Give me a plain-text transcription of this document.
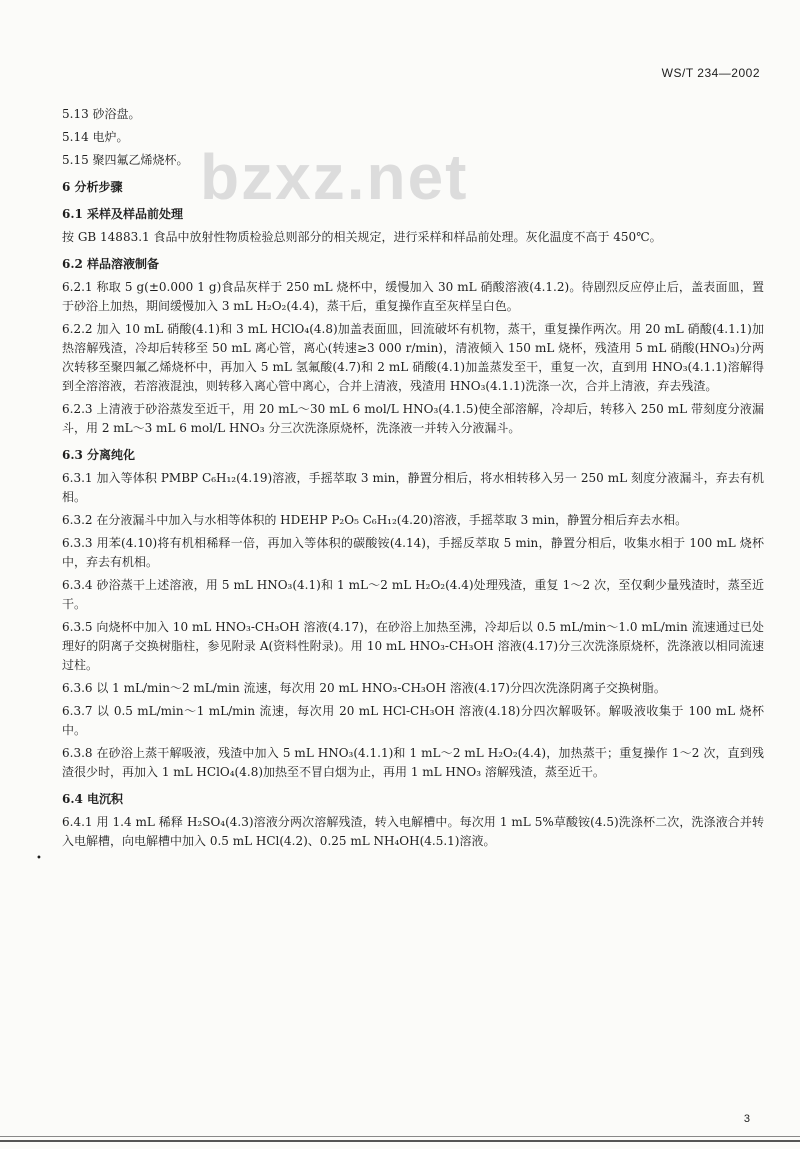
WS/T 234—2002
bzxz.net
5.13 砂浴盘。
5.14 电炉。
5.15 聚四氟乙烯烧杯。
6 分析步骤
6.1 采样及样品前处理
按 GB 14883.1 食品中放射性物质检验总则部分的相关规定，进行采样和样品前处理。灰化温度不高于 450℃。
6.2 样品溶液制备
6.2.1 称取 5 g(±0.000 1 g)食品灰样于 250 mL 烧杯中，缓慢加入 30 mL 硝酸溶液(4.1.2)。待剧烈反应停止后，盖表面皿，置于砂浴上加热，期间缓慢加入 3 mL H₂O₂(4.4)，蒸干后，重复操作直至灰样呈白色。
6.2.2 加入 10 mL 硝酸(4.1)和 3 mL HClO₄(4.8)加盖表面皿，回流破坏有机物，蒸干，重复操作两次。用 20 mL 硝酸(4.1.1)加热溶解残渣，冷却后转移至 50 mL 离心管，离心(转速≥3 000 r/min)，清液倾入 150 mL 烧杯，残渣用 5 mL 硝酸(HNO₃)分两次转移至聚四氟乙烯烧杯中，再加入 5 mL 氢氟酸(4.7)和 2 mL 硝酸(4.1)加盖蒸发至干，重复一次，直到用 HNO₃(4.1.1)溶解得到全溶溶液，若溶液混浊，则转移入离心管中离心，合并上清液，残渣用 HNO₃(4.1.1)洗涤一次，合并上清液，弃去残渣。
6.2.3 上清液于砂浴蒸发至近干，用 20 mL～30 mL 6 mol/L HNO₃(4.1.5)使全部溶解，冷却后，转移入 250 mL 带刻度分液漏斗，用 2 mL～3 mL 6 mol/L HNO₃ 分三次洗涤原烧杯，洗涤液一并转入分液漏斗。
6.3 分离纯化
6.3.1 加入等体积 PMBP C₆H₁₂(4.19)溶液，手摇萃取 3 min，静置分相后，将水相转移入另一 250 mL 刻度分液漏斗，弃去有机相。
6.3.2 在分液漏斗中加入与水相等体积的 HDEHP P₂O₅ C₆H₁₂(4.20)溶液，手摇萃取 3 min，静置分相后弃去水相。
6.3.3 用苯(4.10)将有机相稀释一倍，再加入等体积的碳酸铵(4.14)，手摇反萃取 5 min，静置分相后，收集水相于 100 mL 烧杯中，弃去有机相。
6.3.4 砂浴蒸干上述溶液，用 5 mL HNO₃(4.1)和 1 mL～2 mL H₂O₂(4.4)处理残渣，重复 1～2 次，至仅剩少量残渣时，蒸至近干。
6.3.5 向烧杯中加入 10 mL HNO₃-CH₃OH 溶液(4.17)，在砂浴上加热至沸，冷却后以 0.5 mL/min～1.0 mL/min 流速通过已处理好的阴离子交换树脂柱，参见附录 A(资料性附录)。用 10 mL HNO₃-CH₃OH 溶液(4.17)分三次洗涤原烧杯，洗涤液以相同流速过柱。
6.3.6 以 1 mL/min～2 mL/min 流速，每次用 20 mL HNO₃-CH₃OH 溶液(4.17)分四次洗涤阴离子交换树脂。
6.3.7 以 0.5 mL/min～1 mL/min 流速，每次用 20 mL HCl-CH₃OH 溶液(4.18)分四次解吸钚。解吸液收集于 100 mL 烧杯中。
6.3.8 在砂浴上蒸干解吸液，残渣中加入 5 mL HNO₃(4.1.1)和 1 mL～2 mL H₂O₂(4.4)，加热蒸干；重复操作 1～2 次，直到残渣很少时，再加入 1 mL HClO₄(4.8)加热至不冒白烟为止，再用 1 mL HNO₃ 溶解残渣，蒸至近干。
6.4 电沉积
6.4.1 用 1.4 mL 稀释 H₂SO₄(4.3)溶液分两次溶解残渣，转入电解槽中。每次用 1 mL 5%草酸铵(4.5)洗涤杯二次，洗涤液合并转入电解槽，向电解槽中加入 0.5 mL HCl(4.2)、0.25 mL NH₄OH(4.5.1)溶液。
•
3
